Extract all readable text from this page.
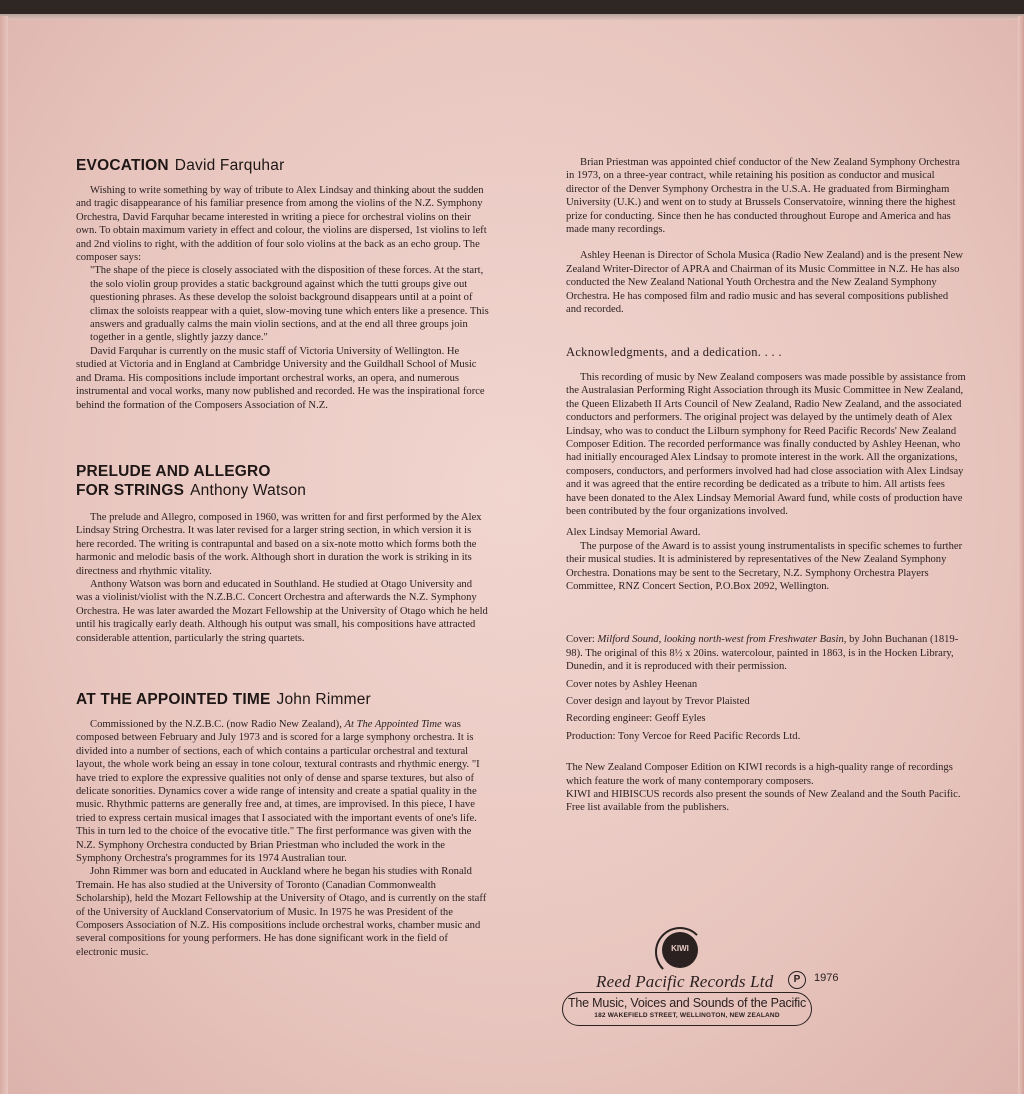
EVOCATION David Farquhar

Wishing to write something by way of tribute to Alex Lindsay and thinking about the sudden and tragic disappearance of his familiar presence from among the violins of the N.Z. Symphony Orchestra, David Farquhar became interested in writing a piece for orchestral violins on their own. To obtain maximum variety in effect and colour, the violins are dispersed, 1st violins to left and 2nd violins to right, with the addition of four solo violins at the back as an echo group. The composer says:

"The shape of the piece is closely associated with the disposition of these forces. At the start, the solo violin group provides a static background against which the tutti groups give out questioning phrases. As these develop the soloist background disappears until at a point of climax the soloists reappear with a quiet, slow-moving tune which enters like a presence. This answers and gradually calms the main violin sections, and at the end all three groups join together in a gentle, slightly jazzy dance."

David Farquhar is currently on the music staff of Victoria University of Wellington. He studied at Victoria and in England at Cambridge University and the Guildhall School of Music and Drama. His compositions include important orchestral works, an opera, and numerous instrumental and vocal works, many now published and recorded. He was the inspirational force behind the formation of the Composers Association of N.Z.

PRELUDE AND ALLEGRO
FOR STRINGS Anthony Watson

The prelude and Allegro, composed in 1960, was written for and first performed by the Alex Lindsay String Orchestra. It was later revised for a larger string section, in which version it is here recorded. The writing is contrapuntal and based on a six-note motto which forms both the harmonic and melodic basis of the work. Although short in duration the work is striking in its directness and rhythmic vitality.

Anthony Watson was born and educated in Southland. He studied at Otago University and was a violinist/violist with the N.Z.B.C. Concert Orchestra and afterwards the N.Z. Symphony Orchestra. He was later awarded the Mozart Fellowship at the University of Otago which he held until his tragically early death. Although his output was small, his compositions have attracted considerable attention, particularly the string quartets.

AT THE APPOINTED TIME John Rimmer

Commissioned by the N.Z.B.C. (now Radio New Zealand), At The Appointed Time was composed between February and July 1973 and is scored for a large symphony orchestra. It is divided into a number of sections, each of which contains a particular orchestral and textural layout, the whole work being an essay in tone colour, textural contrasts and rhythmic energy. "I have tried to explore the expressive qualities not only of dense and sparse textures, but also of delicate sonorities. Dynamics cover a wide range of intensity and create a spatial quality in the music. Rhythmic patterns are generally free and, at times, are improvised. In this piece, I have tried to express certain musical images that I associated with the important events of one's life. This in turn led to the choice of the evocative title." The first performance was given with the N.Z. Symphony Orchestra conducted by Brian Priestman who included the work in the Symphony Orchestra's programmes for its 1974 Australian tour.

John Rimmer was born and educated in Auckland where he began his studies with Ronald Tremain. He has also studied at the University of Toronto (Canadian Commonwealth Scholarship), held the Mozart Fellowship at the University of Otago, and is currently on the staff of the University of Auckland Conservatorium of Music. In 1975 he was President of the Composers Association of N.Z. His compositions include orchestral works, chamber music and several compositions for young performers. He has done significant work in the field of electronic music.

Brian Priestman was appointed chief conductor of the New Zealand Symphony Orchestra in 1973, on a three-year contract, while retaining his position as conductor and musical director of the Denver Symphony Orchestra in the U.S.A. He graduated from Birmingham University (U.K.) and went on to study at Brussels Conservatoire, winning there the highest prize for conducting. Since then he has conducted throughout Europe and America and has made many recordings.

Ashley Heenan is Director of Schola Musica (Radio New Zealand) and is the present New Zealand Writer-Director of APRA and Chairman of its Music Committee in N.Z. He has also conducted the New Zealand National Youth Orchestra and the New Zealand Symphony Orchestra. He has composed film and radio music and has several compositions published and recorded.

Acknowledgments, and a dedication. . . .

This recording of music by New Zealand composers was made possible by assistance from the Australasian Performing Right Association through its Music Committee in New Zealand, the Queen Elizabeth II Arts Council of New Zealand, Radio New Zealand, and the associated conductors and performers. The original project was delayed by the untimely death of Alex Lindsay, who was to conduct the Lilburn symphony for Reed Pacific Records' New Zealand Composer Edition. The recorded performance was finally conducted by Ashley Heenan, who had initially encouraged Alex Lindsay to promote interest in the work. All the organizations, composers, conductors, and performers involved had had close association with Alex Lindsay and it was agreed that the entire recording be dedicated as a tribute to him. All artists fees have been donated to the Alex Lindsay Memorial Award fund, while costs of production have been contributed by the four organizations involved.

Alex Lindsay Memorial Award.

The purpose of the Award is to assist young instrumentalists in specific schemes to further their musical studies. It is administered by representatives of the New Zealand Symphony Orchestra. Donations may be sent to the Secretary, N.Z. Symphony Orchestra Players Committee, RNZ Concert Section, P.O.Box 2092, Wellington.

Cover: Milford Sound, looking north-west from Freshwater Basin, by John Buchanan (1819-98). The original of this 8½ x 20ins. watercolour, painted in 1863, is in the Hocken Library, Dunedin, and it is reproduced with their permission.

Cover notes by Ashley Heenan

Cover design and layout by Trevor Plaisted

Recording engineer: Geoff Eyles

Production: Tony Vercoe for Reed Pacific Records Ltd.

The New Zealand Composer Edition on KIWI records is a high-quality range of recordings which feature the work of many contemporary composers.

KIWI and HIBISCUS records also present the sounds of New Zealand and the South Pacific.

Free list available from the publishers.

KIWI
Reed Pacific Records Ltd	P	1976
The Music, Voices and Sounds of the Pacific
182 WAKEFIELD STREET, WELLINGTON, NEW ZEALAND
